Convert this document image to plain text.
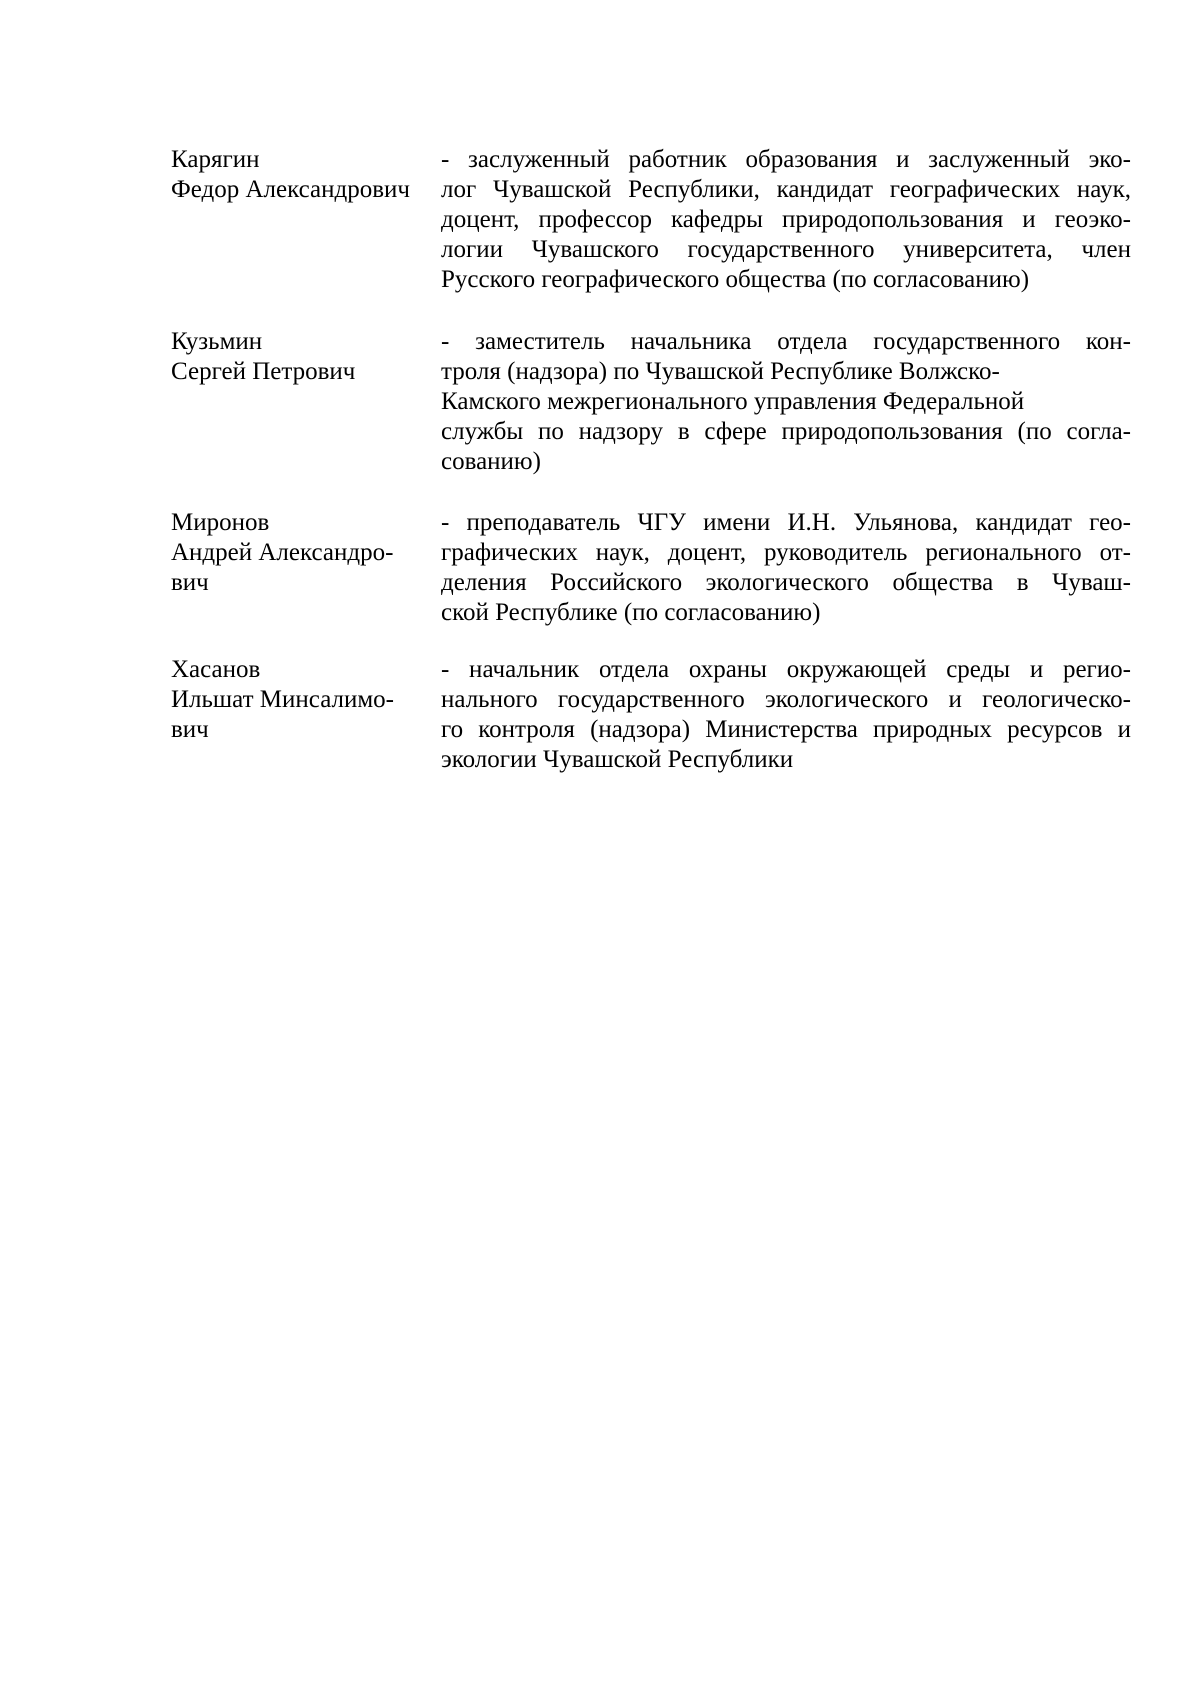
Карягин
Федор Александрович
- заслуженный работник образования и заслуженный эко-
лог Чувашской Республики, кандидат географических наук,
доцент, профессор кафедры природопользования и геоэко-
логии Чувашского государственного университета, член
Русского географического общества (по согласованию)
Кузьмин
Сергей Петрович
- заместитель начальника отдела государственного кон-
троля (надзора) по Чувашской Республике Волжско-
Камского межрегионального управления Федеральной
службы по надзору в сфере природопользования (по согла-
сованию)
Миронов
Андрей Александро-
вич
- преподаватель ЧГУ имени И.Н. Ульянова, кандидат гео-
графических наук, доцент, руководитель регионального от-
деления Российского экологического общества в Чуваш-
ской Республике (по согласованию)
Хасанов
Ильшат Минсалимо-
вич
- начальник отдела охраны окружающей среды и регио-
нального государственного экологического и геологическо-
го контроля (надзора) Министерства природных ресурсов и
экологии Чувашской Республики
